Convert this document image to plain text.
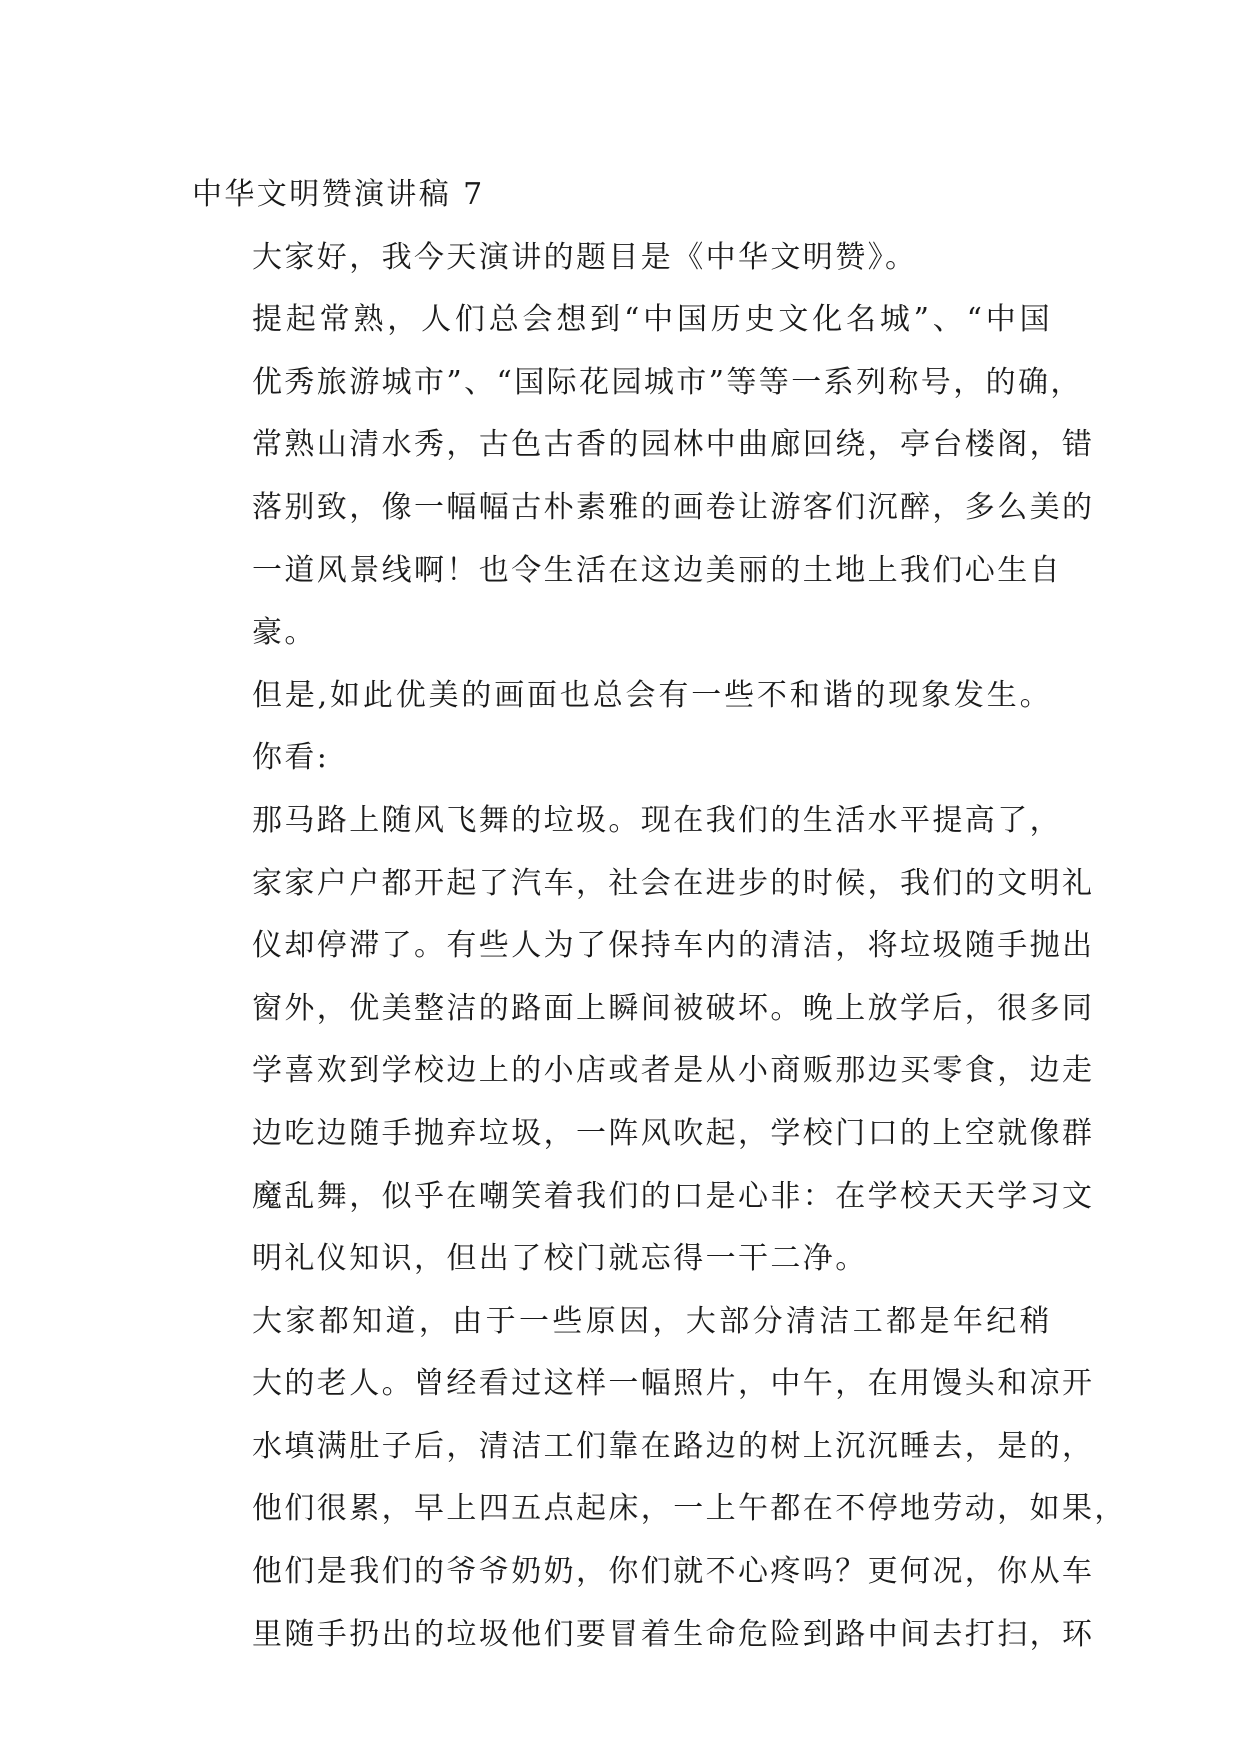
中华文明赞演讲稿 7

大家好，我今天演讲的题目是《中华文明赞》。

提起常熟，人们总会想到“中国历史文化名城”、“中国
优秀旅游城市”、“国际花园城市”等等一系列称号，的确，
常熟山清水秀，古色古香的园林中曲廊回绕，亭台楼阁，错
落别致，像一幅幅古朴素雅的画卷让游客们沉醉，多么美的
一道风景线啊！也令生活在这边美丽的土地上我们心生自
豪。

但是,如此优美的画面也总会有一些不和谐的现象发生。
你看:

那马路上随风飞舞的垃圾。现在我们的生活水平提高了，
家家户户都开起了汽车，社会在进步的时候，我们的文明礼
仪却停滞了。有些人为了保持车内的清洁，将垃圾随手抛出
窗外，优美整洁的路面上瞬间被破坏。晚上放学后，很多同
学喜欢到学校边上的小店或者是从小商贩那边买零食，边走
边吃边随手抛弃垃圾，一阵风吹起，学校门口的上空就像群
魔乱舞，似乎在嘲笑着我们的口是心非：在学校天天学习文
明礼仪知识，但出了校门就忘得一干二净。

大家都知道，由于一些原因，大部分清洁工都是年纪稍
大的老人。曾经看过这样一幅照片，中午，在用馒头和凉开
水填满肚子后，清洁工们靠在路边的树上沉沉睡去，是的，
他们很累，早上四五点起床，一上午都在不停地劳动，如果，
他们是我们的爷爷奶奶，你们就不心疼吗？更何况，你从车
里随手扔出的垃圾他们要冒着生命危险到路中间去打扫，环
